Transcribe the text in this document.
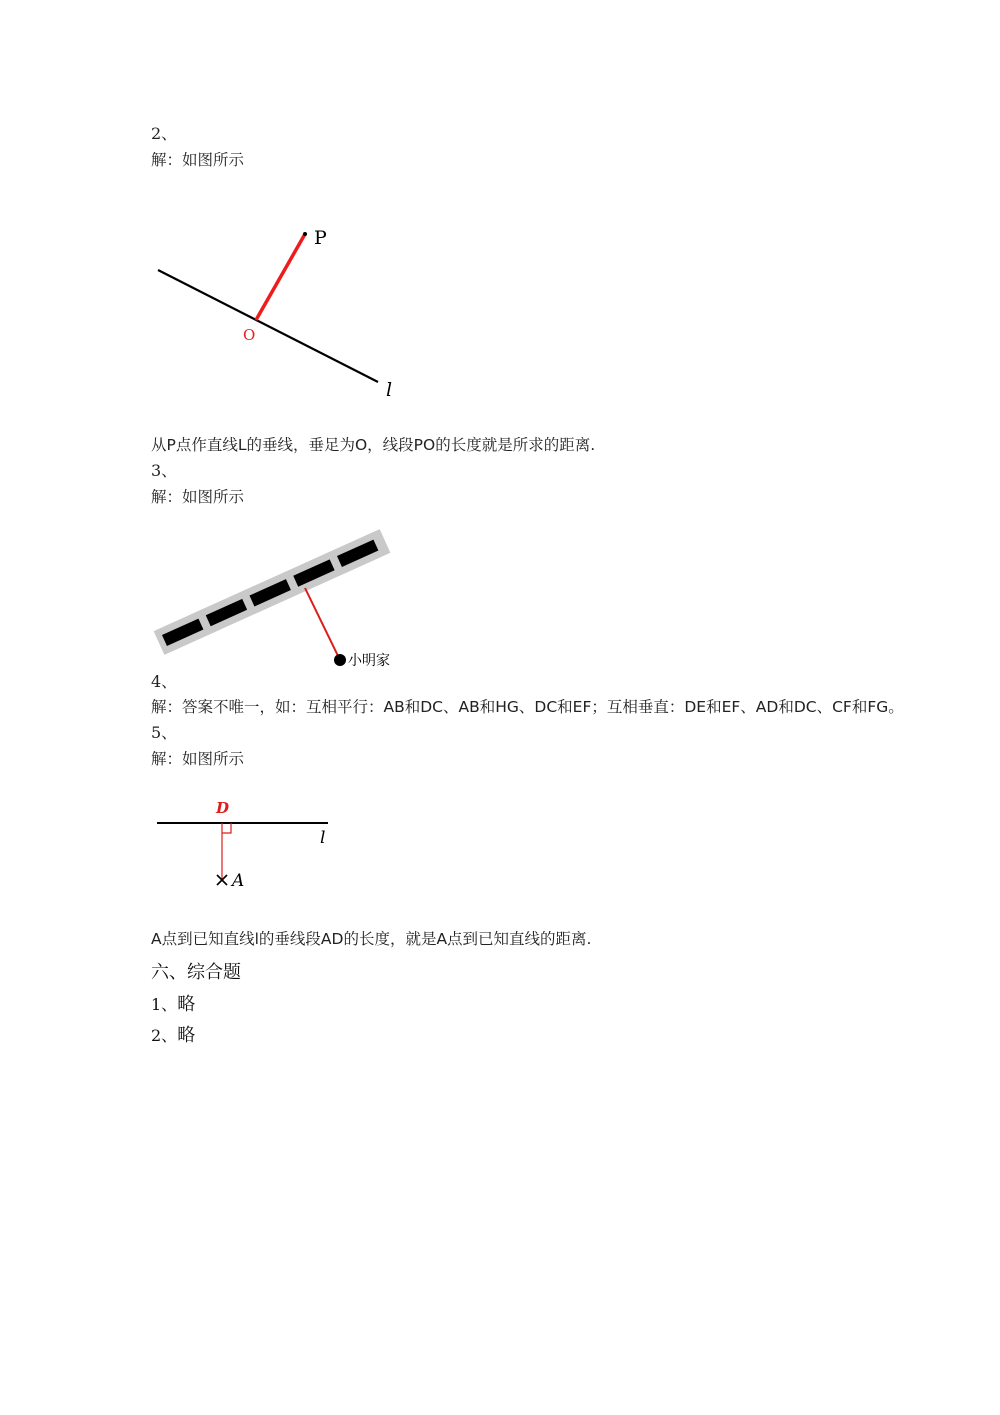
2、
解：如图所示
P
O
l
从P点作直线L的垂线，垂足为O，线段PO的长度就是所求的距离.
3、
解：如图所示
小明家
4、
解：答案不唯一，如：互相平行：AB和DC、AB和HG、DC和EF；互相垂直：DE和EF、AD和DC、CF和FG。
5、
解：如图所示
D
l
A
A点到已知直线l的垂线段AD的长度，就是A点到已知直线的距离.
六、综合题
1、略
2、略
